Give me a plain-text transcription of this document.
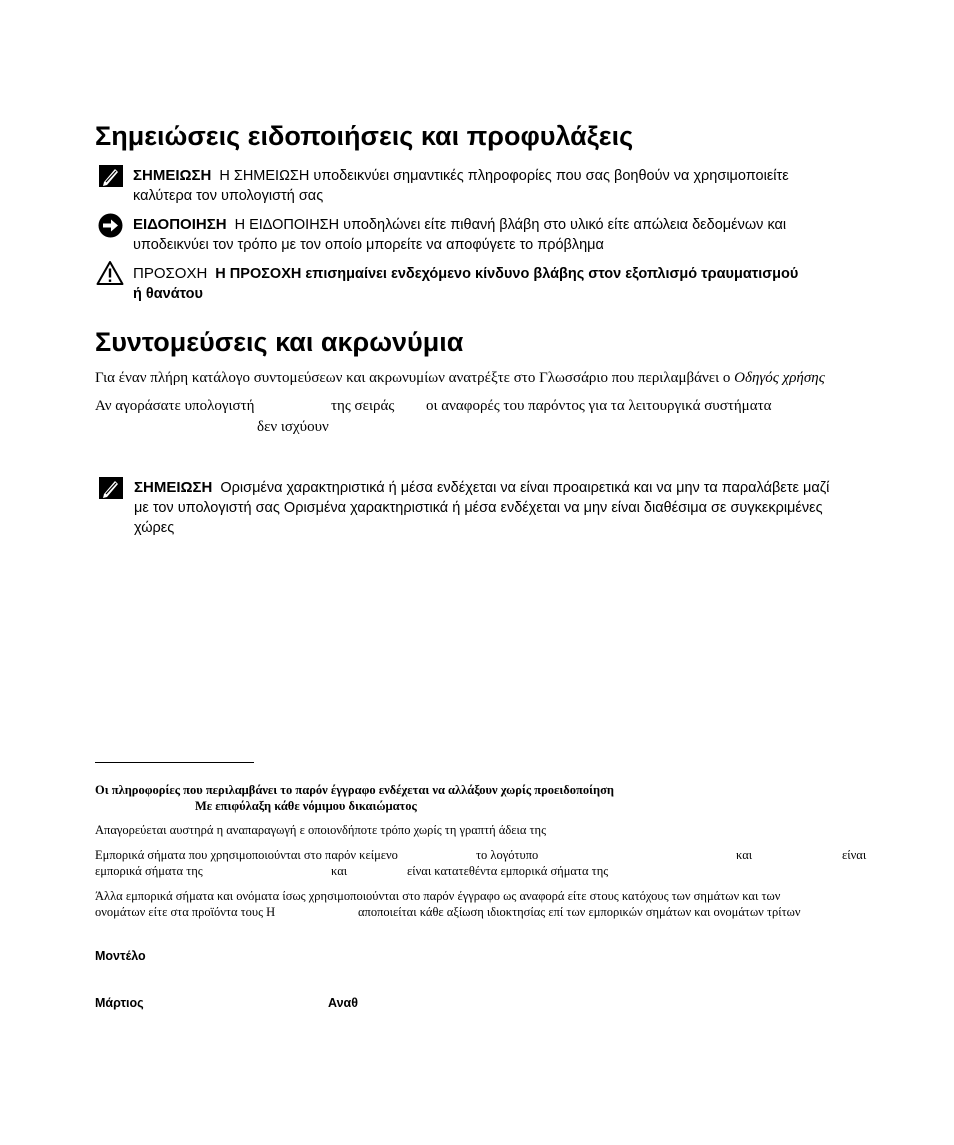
Σημειώσεις ειδοποιήσεις και προφυλάξεις
ΣΗΜΕΙΩΣΗ Η ΣΗΜΕΙΩΣΗ υποδεικνύει σημαντικές πληροφορίες που σας βοηθούν να χρησιμοποιείτε
καλύτερα τον υπολογιστή σας
ΕΙΔΟΠΟΙΗΣΗ Η ΕΙΔΟΠΟΙΗΣΗ υποδηλώνει είτε πιθανή βλάβη στο υλικό είτε απώλεια δεδομένων και
υποδεικνύει τον τρόπο με τον οποίο μπορείτε να αποφύγετε το πρόβλημα
ΠΡΟΣΟΧΗ Η ΠΡΟΣΟΧΗ επισημαίνει ενδεχόμενο κίνδυνο βλάβης στον εξοπλισμό τραυματισμού
ή θανάτου
Συντομεύσεις και ακρωνύμια
Για έναν πλήρη κατάλογο συντομεύσεων και ακρωνυμίων ανατρέξτε στο Γλωσσάριο που περιλαμβάνει ο Οδηγός χρήσης
Αν αγοράσατε υπολογιστή	της σειράς οι αναφορές του παρόντος για τα λειτουργικά συστήματα
δεν ισχύουν
ΣΗΜΕΙΩΣΗ Ορισμένα χαρακτηριστικά ή μέσα ενδέχεται να είναι προαιρετικά και να μην τα παραλάβετε μαζί
με τον υπολογιστή σας Ορισμένα χαρακτηριστικά ή μέσα ενδέχεται να μην είναι διαθέσιμα σε συγκεκριμένες
χώρες
Οι πληροφορίες που περιλαμβάνει το παρόν έγγραφο ενδέχεται να αλλάξουν χωρίς προειδοποίηση
Με επιφύλαξη κάθε νόμιμου δικαιώματος
Απαγορεύεται αυστηρά η αναπαραγωγή ε οποιονδήποτε τρόπο χωρίς τη γραπτή άδεια της
Εμπορικά σήματα που χρησιμοποιούνται στο παρόν κείμενο	το λογότυπο	και	είναι
εμπορικά σήματα της	και	είναι κατατεθέντα εμπορικά σήματα της
Άλλα εμπορικά σήματα και ονόματα ίσως χρησιμοποιούνται στο παρόν έγγραφο ως αναφορά είτε στους κατόχους των σημάτων και των
ονομάτων είτε στα προϊόντα τους Η	αποποιείται κάθε αξίωση ιδιοκτησίας επί των εμπορικών σημάτων και ονομάτων τρίτων
Μοντέλο
Μάρτιος	Αναθ
